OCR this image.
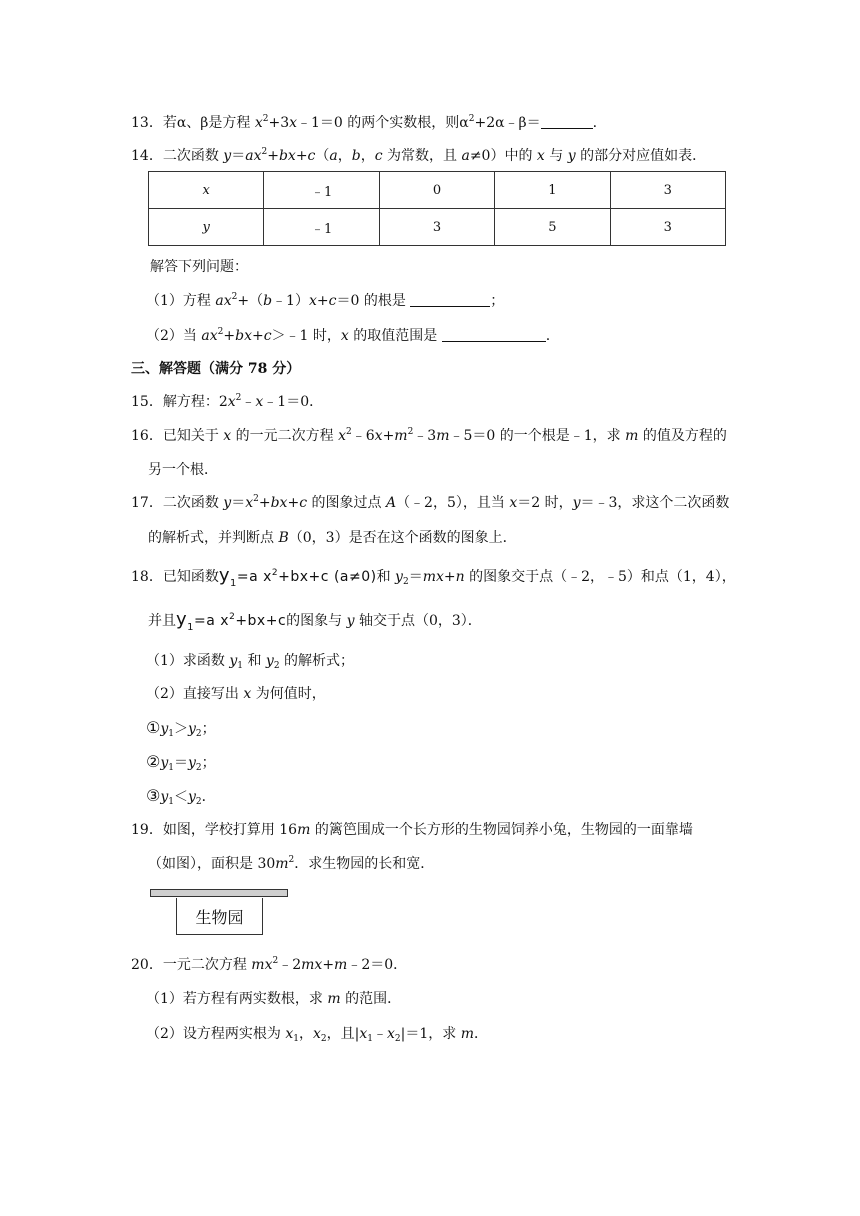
13．若α、β是方程 $x^2+3x﹣1=0$ 的两个实数根，则$\alpha^2+2\alpha﹣\beta=$	.
14．二次函数 $y=ax^2+bx+c(a$，b，c 为常数，且 a≠0）中的 x 与 y 的部分对应值如表．
x	﹣1	0	1	3
y	﹣1	3	5	3
解答下列问题：
（1）方程 $ax^2+(b﹣1)x+c=0$ 的根是	；
（2）当 $ax^2+bx+c>﹣1$ 时，x 的取值范围是	.
三、解答题（满分 78 分）
15．解方程：$2x^2﹣x﹣1=0$．
16．已知关于 x 的一元二次方程 $x^2﹣6x+m^2﹣3m﹣5=0$ 的一个根是﹣1，求 m 的值及方程的
另一个根．
17．二次函数 $y=x^2+bx+c$ 的图象过点 A（﹣2，5），且当 x＝2 时，y＝﹣3，求这个二次函数
的解析式，并判断点 B（0，3）是否在这个函数的图象上．
18．已知函数$y_1=a$ $x^2+bx+c$ (a≠0)和 $y_2=mx+n$ 的图象交于点（﹣2，﹣5）和点（1，4），
并且$y_1=a$ $x^2+bx+c$的图象与 y 轴交于点（0，3）．
（1）求函数 $y_1$ 和 $y_2$ 的解析式；
（2）直接写出 x 为何值时，
$①y_1>y_2$；
$②y_1=y_2$；
$③y_1<y_2$．
19．如图，学校打算用 16m 的篱笆围成一个长方形的生物园饲养小兔，生物园的一面靠墙
（如图），面积是 $30m^2$．求生物园的长和宽．
生物园
20．一元二次方程 $mx^2﹣2mx+m﹣2=0$．
（1）若方程有两实数根，求 m 的范围．
（2）设方程两实根为 $x_1$，$x_2$，且$|x_1﹣x_2|=1$，求 m．
